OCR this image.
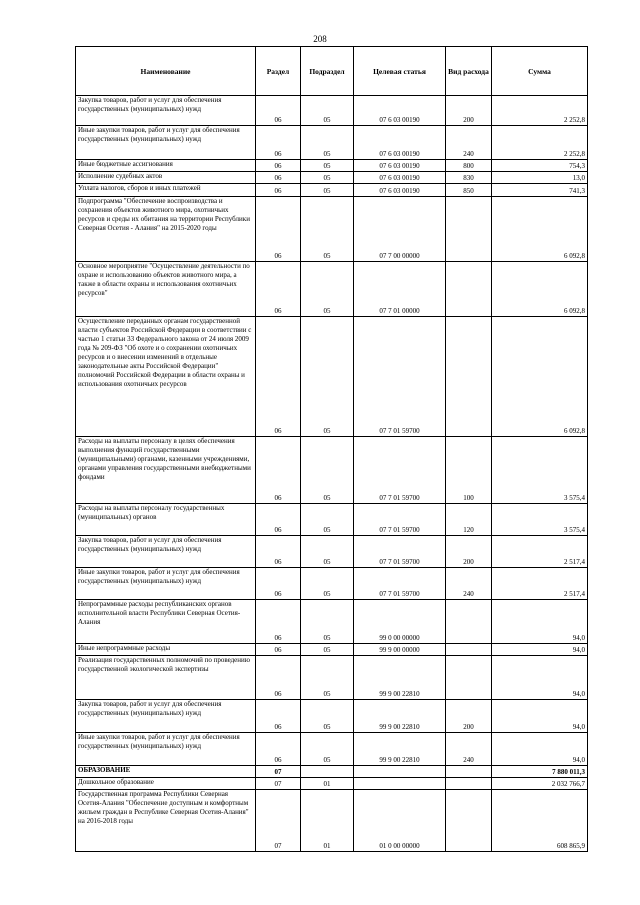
208
Наименование	Раздел	Подраздел	Целевая статья	Вид расхода	Сумма
Закупка товаров, работ и услуг для обеспечения государственных (муниципальных) нужд	06	05	07 6 03 00190	200	2 252,8
Иные закупки товаров, работ и услуг для обеспечения государственных (муниципальных) нужд	06	05	07 6 03 00190	240	2 252,8
Иные бюджетные ассигнования	06	05	07 6 03 00190	800	754,3
Исполнение судебных актов	06	05	07 6 03 00190	830	13,0
Уплата налогов, сборов и иных платежей	06	05	07 6 03 00190	850	741,3
Подпрограмма "Обеспечение воспроизводства и сохранения объектов животного мира, охотничьих ресурсов и среды их обитания на территории Республики Северная Осетия - Алания" на 2015-2020 годы	06	05	07 7 00 00000		6 092,8
Основное мероприятие "Осуществление деятельности по охране и использованию объектов животного мира, а также в области охраны и использования охотничьих ресурсов"	06	05	07 7 01 00000		6 092,8
Осуществление переданных органам государственной власти субъектов Российской Федерации в соответствии с частью 1 статьи 33 Федерального закона от 24 июля 2009 года № 209-ФЗ "Об охоте и о сохранении охотничьих ресурсов и о внесении изменений в отдельные законодательные акты Российской Федерации" полномочий Российской Федерации в области охраны и использования охотничьих ресурсов	06	05	07 7 01 59700		6 092,8
Расходы на выплаты персоналу в целях обеспечения выполнения функций государственными (муниципальными) органами, казенными учреждениями, органами управления государственными внебюджетными фондами	06	05	07 7 01 59700	100	3 575,4
Расходы на выплаты персоналу государственных (муниципальных) органов	06	05	07 7 01 59700	120	3 575,4
Закупка товаров, работ и услуг для обеспечения государственных (муниципальных) нужд	06	05	07 7 01 59700	200	2 517,4
Иные закупки товаров, работ и услуг для обеспечения государственных (муниципальных) нужд	06	05	07 7 01 59700	240	2 517,4
Непрограммные расходы республиканских органов исполнительной власти Республики Северная Осетия-Алания	06	05	99 0 00 00000		94,0
Иные непрограммные расходы	06	05	99 9 00 00000		94,0
Реализация государственных полномочий по проведению государственной экологической экспертизы	06	05	99 9 00 22810		94,0
Закупка товаров, работ и услуг для обеспечения государственных (муниципальных) нужд	06	05	99 9 00 22810	200	94,0
Иные закупки товаров, работ и услуг для обеспечения государственных (муниципальных) нужд	06	05	99 9 00 22810	240	94,0
ОБРАЗОВАНИЕ	07				7 880 011,3
Дошкольное образование	07	01			2 032 766,7
Государственная программа Республики Северная Осетия-Алания "Обеспечение доступным и комфортным жильем граждан в Республике Северная Осетия-Алания" на 2016-2018 годы	07	01	01 0 00 00000		608 865,9
